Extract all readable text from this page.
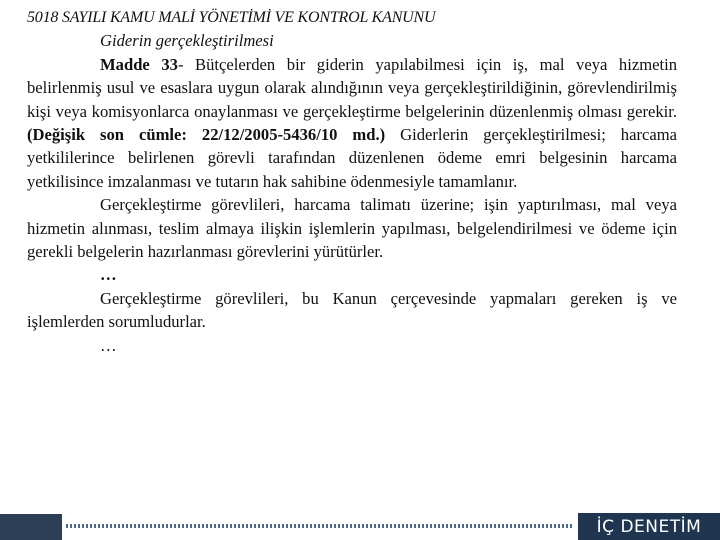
5018 SAYILI KAMU MALİ YÖNETİMİ VE KONTROL KANUNU
Giderin gerçekleştirilmesi

Madde 33- Bütçelerden bir giderin yapılabilmesi için iş, mal veya hizmetin belirlenmiş usul ve esaslara uygun olarak alındığının veya gerçekleştirildiğinin, görevlendirilmiş kişi veya komisyonlarca onaylanması ve gerçekleştirme belgelerinin düzenlenmiş olması gerekir. (Değişik son cümle: 22/12/2005-5436/10 md.) Giderlerin gerçekleştirilmesi; harcama yetkililerince belirlenen görevli tarafından düzenlenen ödeme emri belgesinin harcama yetkilisince imzalanması ve tutarın hak sahibine ödenmesiyle tamamlanır.

Gerçekleştirme görevlileri, harcama talimatı üzerine; işin yaptırılması, mal veya hizmetin alınması, teslim almaya ilişkin işlemlerin yapılması, belgelendirilmesi ve ödeme için gerekli belgelerin hazırlanması görevlerini yürütürler.

…

Gerçekleştirme görevlileri, bu Kanun çerçevesinde yapmaları gereken iş ve işlemlerden sorumludurlar.

…
İÇ DENETİM
